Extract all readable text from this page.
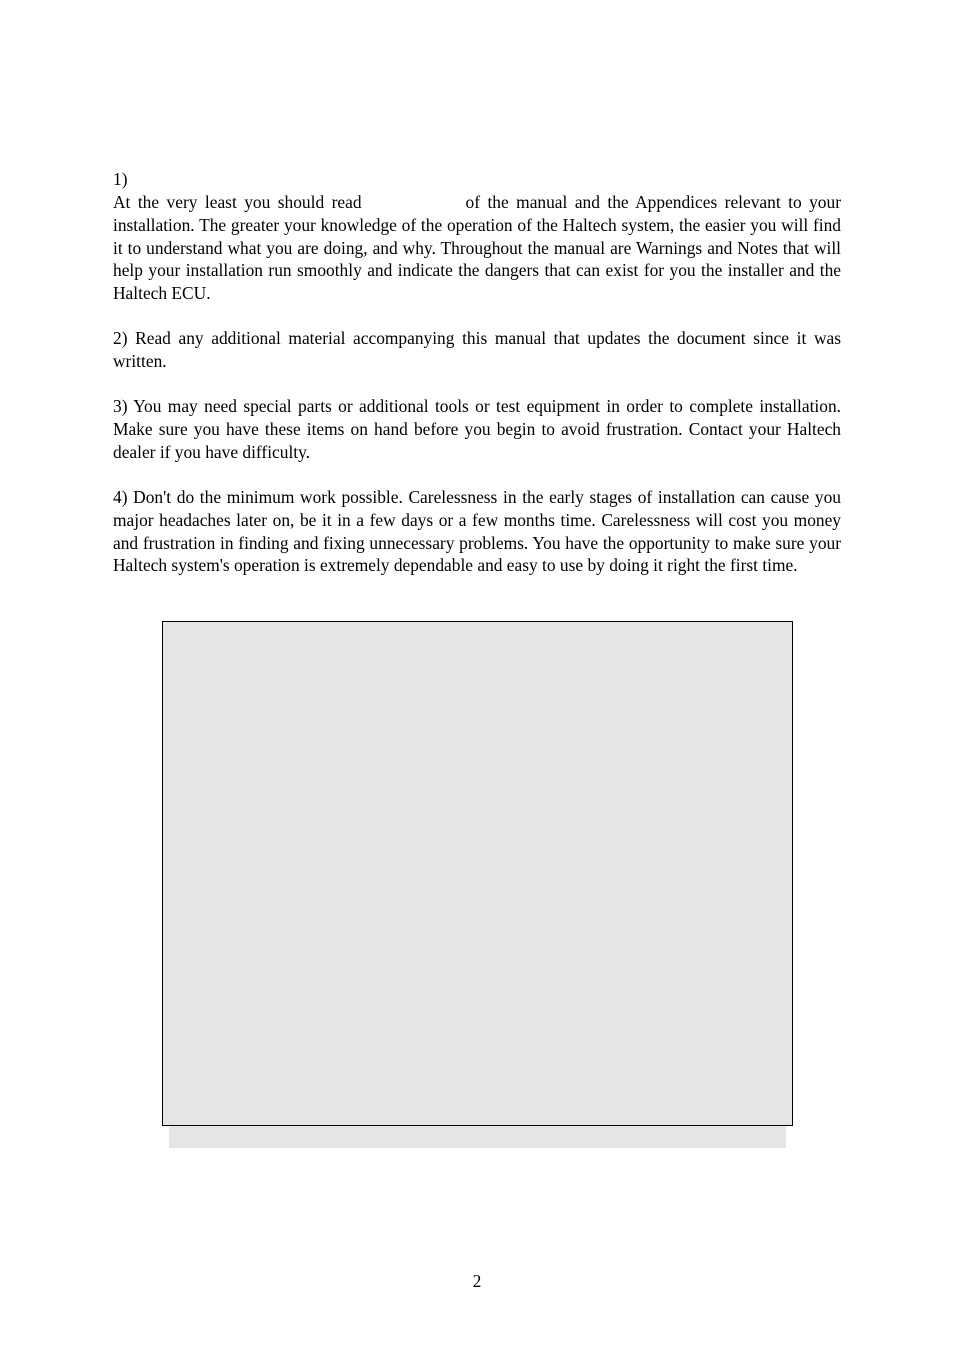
1)

At the very least you should read	of the manual and the Appendices relevant to your installation. The greater your knowledge of the operation of the Haltech system, the easier you will find it to understand what you are doing, and why. Throughout the manual are Warnings and Notes that will help your installation run smoothly and indicate the dangers that can exist for you the installer and the Haltech ECU.

2) Read any additional material accompanying this manual that updates the document since it was written.

3) You may need special parts or additional tools or test equipment in order to complete installation. Make sure you have these items on hand before you begin to avoid frustration. Contact your Haltech dealer if you have difficulty.

4) Don't do the minimum work possible. Carelessness in the early stages of installation can cause you major headaches later on, be it in a few days or a few months time. Carelessness will cost you money and frustration in finding and fixing unnecessary problems. You have the opportunity to make sure your Haltech system's operation is extremely dependable and easy to use by doing it right the first time.

2
